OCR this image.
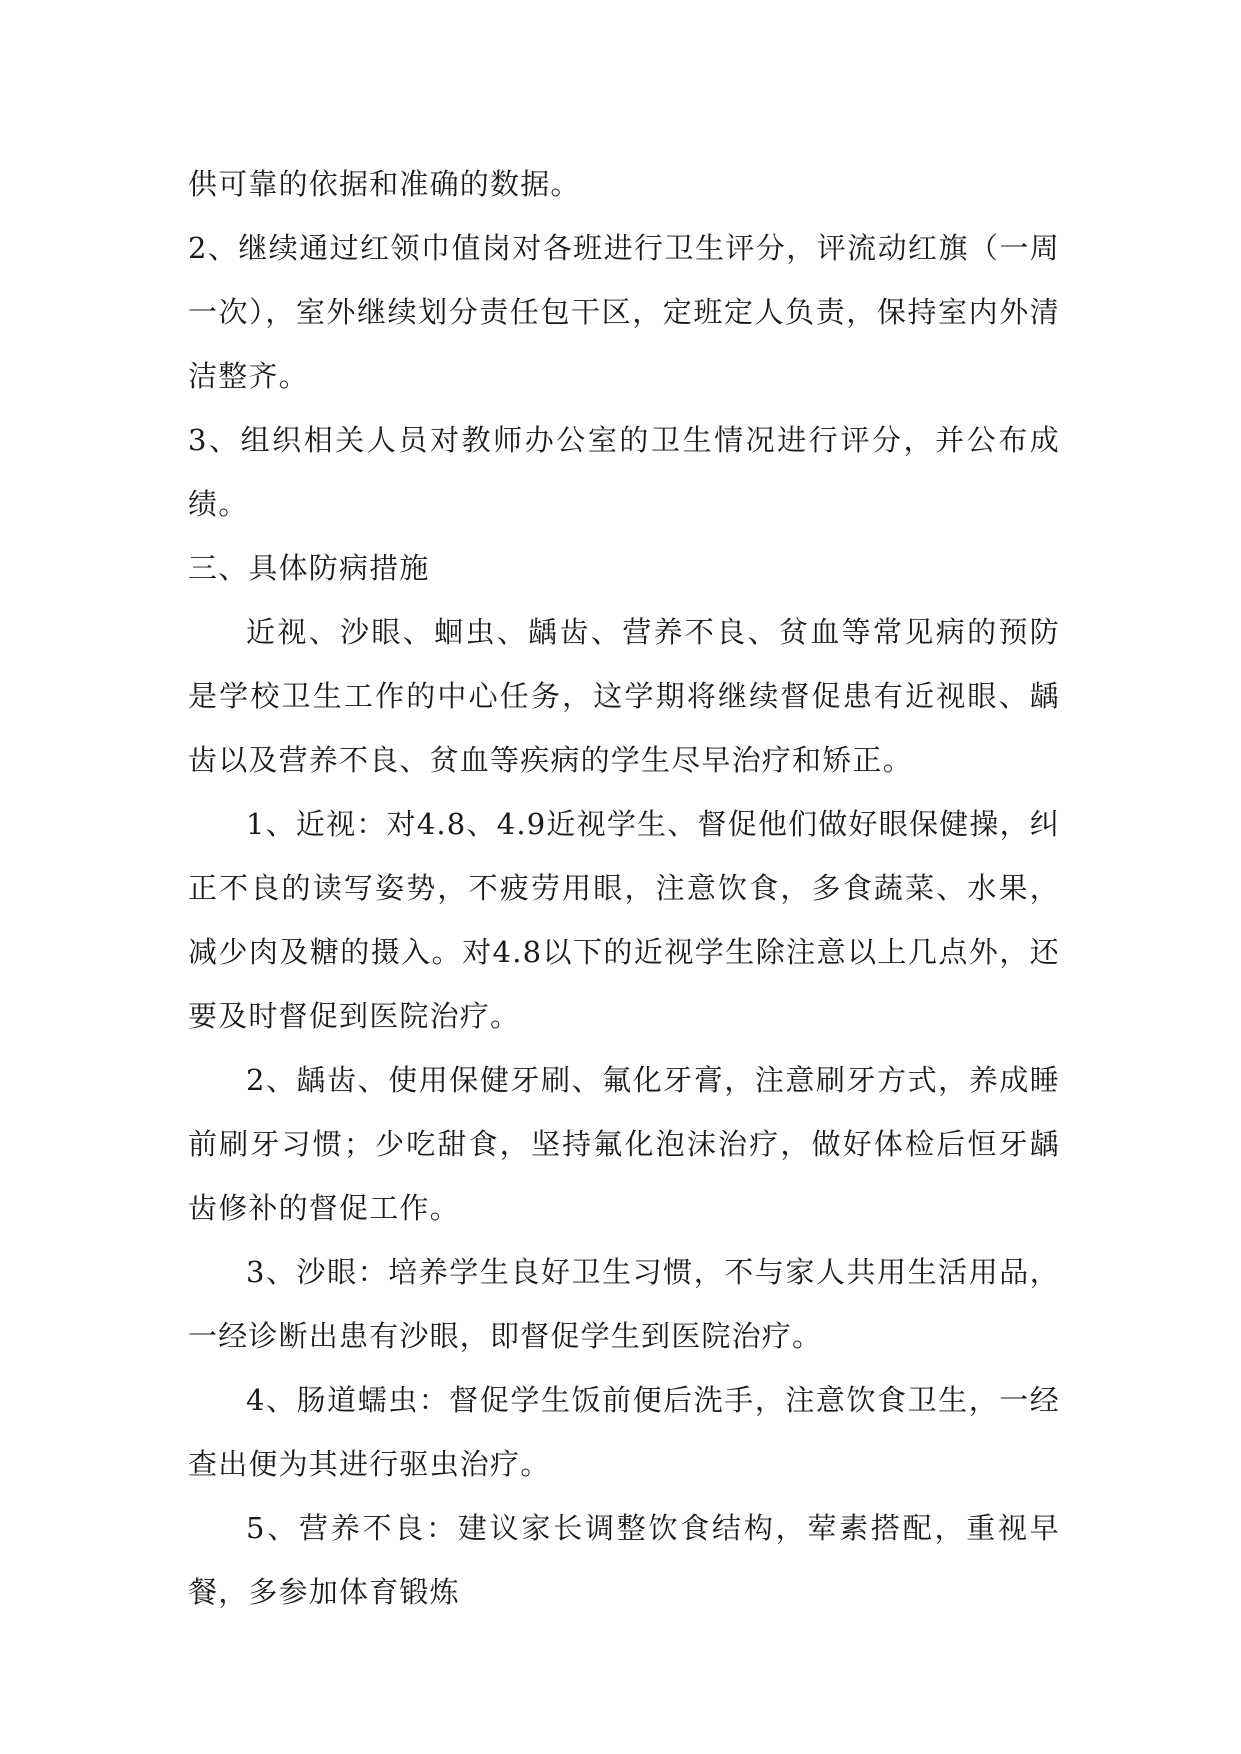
供可靠的依据和准确的数据。

2、继续通过红领巾值岗对各班进行卫生评分，评流动红旗（一周一次），室外继续划分责任包干区，定班定人负责，保持室内外清洁整齐。

3、组织相关人员对教师办公室的卫生情况进行评分，并公布成绩。

三、具体防病措施

近视、沙眼、蛔虫、龋齿、营养不良、贫血等常见病的预防是学校卫生工作的中心任务，这学期将继续督促患有近视眼、龋齿以及营养不良、贫血等疾病的学生尽早治疗和矫正。

1、近视：对4.8、4.9近视学生、督促他们做好眼保健操，纠正不良的读写姿势，不疲劳用眼，注意饮食，多食蔬菜、水果，减少肉及糖的摄入。对4.8以下的近视学生除注意以上几点外，还要及时督促到医院治疗。

2、龋齿、使用保健牙刷、氟化牙膏，注意刷牙方式，养成睡前刷牙习惯；少吃甜食，坚持氟化泡沫治疗，做好体检后恒牙龋齿修补的督促工作。

3、沙眼：培养学生良好卫生习惯，不与家人共用生活用品，一经诊断出患有沙眼，即督促学生到医院治疗。

4、肠道蠕虫：督促学生饭前便后洗手，注意饮食卫生，一经查出便为其进行驱虫治疗。

5、营养不良：建议家长调整饮食结构，荤素搭配，重视早餐，多参加体育锻炼
